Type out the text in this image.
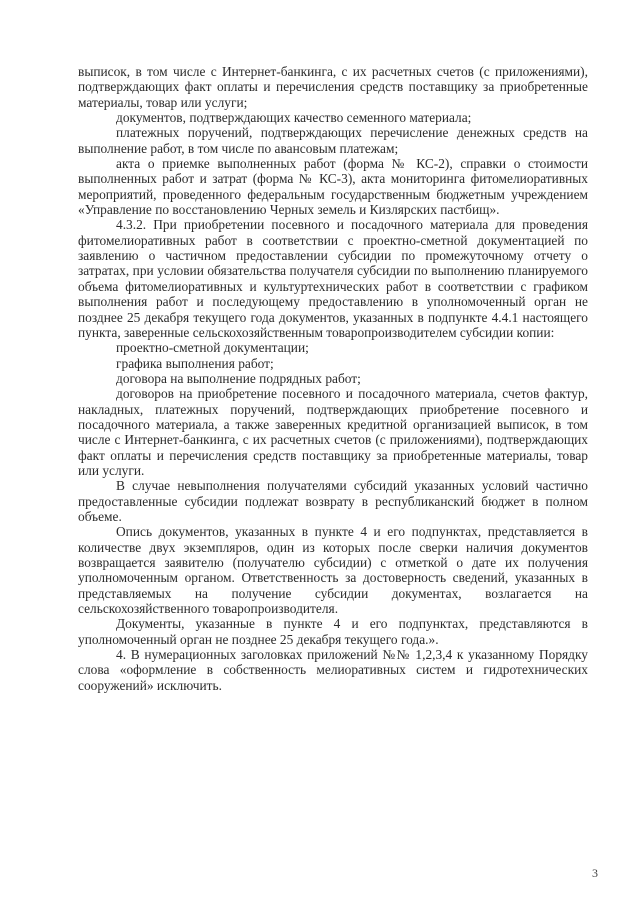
выписок, в том числе с Интернет-банкинга, с их расчетных счетов (с приложениями), подтверждающих факт оплаты и перечисления средств поставщику за приобретенные материалы, товар или услуги;

документов, подтверждающих качество семенного материала;

платежных поручений, подтверждающих перечисление денежных средств на выполнение работ, в том числе по авансовым платежам;

акта о приемке выполненных работ (форма № КС-2), справки о стоимости выполненных работ и затрат (форма № КС-3), акта мониторинга фитомелиоративных мероприятий, проведенного федеральным государственным бюджетным учреждением «Управление по восстановлению Черных земель и Кизлярских пастбищ».

4.3.2. При приобретении посевного и посадочного материала для проведения фитомелиоративных работ в соответствии с проектно-сметной документацией по заявлению о частичном предоставлении субсидии по промежуточному отчету о затратах, при условии обязательства получателя субсидии по выполнению планируемого объема фитомелиоративных и культуртехнических работ в соответствии с графиком выполнения работ и последующему предоставлению в уполномоченный орган не позднее 25 декабря текущего года документов, указанных в подпункте 4.4.1 настоящего пункта, заверенные сельскохозяйственным товаропроизводителем субсидии копии:

проектно-сметной документации;

графика выполнения работ;

договора на выполнение подрядных работ;

договоров на приобретение посевного и посадочного материала, счетов фактур, накладных, платежных поручений, подтверждающих приобретение посевного и посадочного материала, а также заверенных кредитной организацией выписок, в том числе с Интернет-банкинга, с их расчетных счетов (с приложениями), подтверждающих факт оплаты и перечисления средств поставщику за приобретенные материалы, товар или услуги.

В случае невыполнения получателями субсидий указанных условий частично предоставленные субсидии подлежат возврату в республиканский бюджет в полном объеме.

Опись документов, указанных в пункте 4 и его подпунктах, представляется в количестве двух экземпляров, один из которых после сверки наличия документов возвращается заявителю (получателю субсидии) с отметкой о дате их получения уполномоченным органом. Ответственность за достоверность сведений, указанных в представляемых на получение субсидии документах, возлагается на сельскохозяйственного товаропроизводителя.

Документы, указанные в пункте 4 и его подпунктах, представляются в уполномоченный орган не позднее 25 декабря текущего года.».

4. В нумерационных заголовках приложений №№ 1,2,3,4 к указанному Порядку слова «оформление в собственность мелиоративных систем и гидротехнических сооружений» исключить.

3
